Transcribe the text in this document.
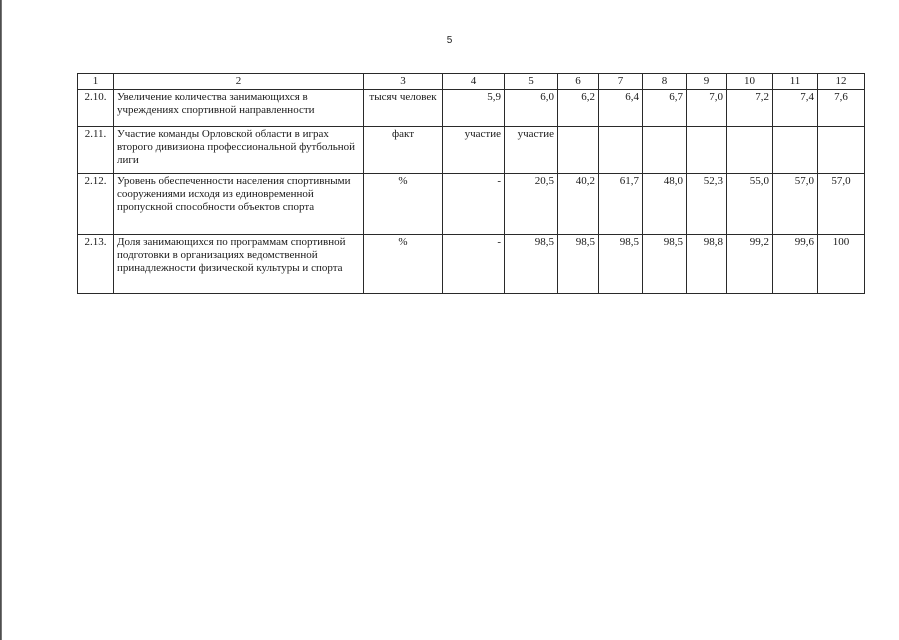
5
1	2	3	4	5	6	7	8	9	10	11	12
2.10.	Увеличение количества занимающихся в учреждениях спортивной направленности	тысяч человек	5,9	6,0	6,2	6,4	6,7	7,0	7,2	7,4	7,6
2.11.	Участие команды Орловской области в играх второго дивизиона профессиональной футбольной лиги	факт	участие	участие							
2.12.	Уровень обеспеченности населения спортивными сооружениями исходя из единовременной пропускной способности объектов спорта	%	-	20,5	40,2	61,7	48,0	52,3	55,0	57,0	57,0
2.13.	Доля занимающихся по программам спортивной подготовки в организациях ведомственной принадлежности физической культуры и спорта	%	-	98,5	98,5	98,5	98,5	98,8	99,2	99,6	100
